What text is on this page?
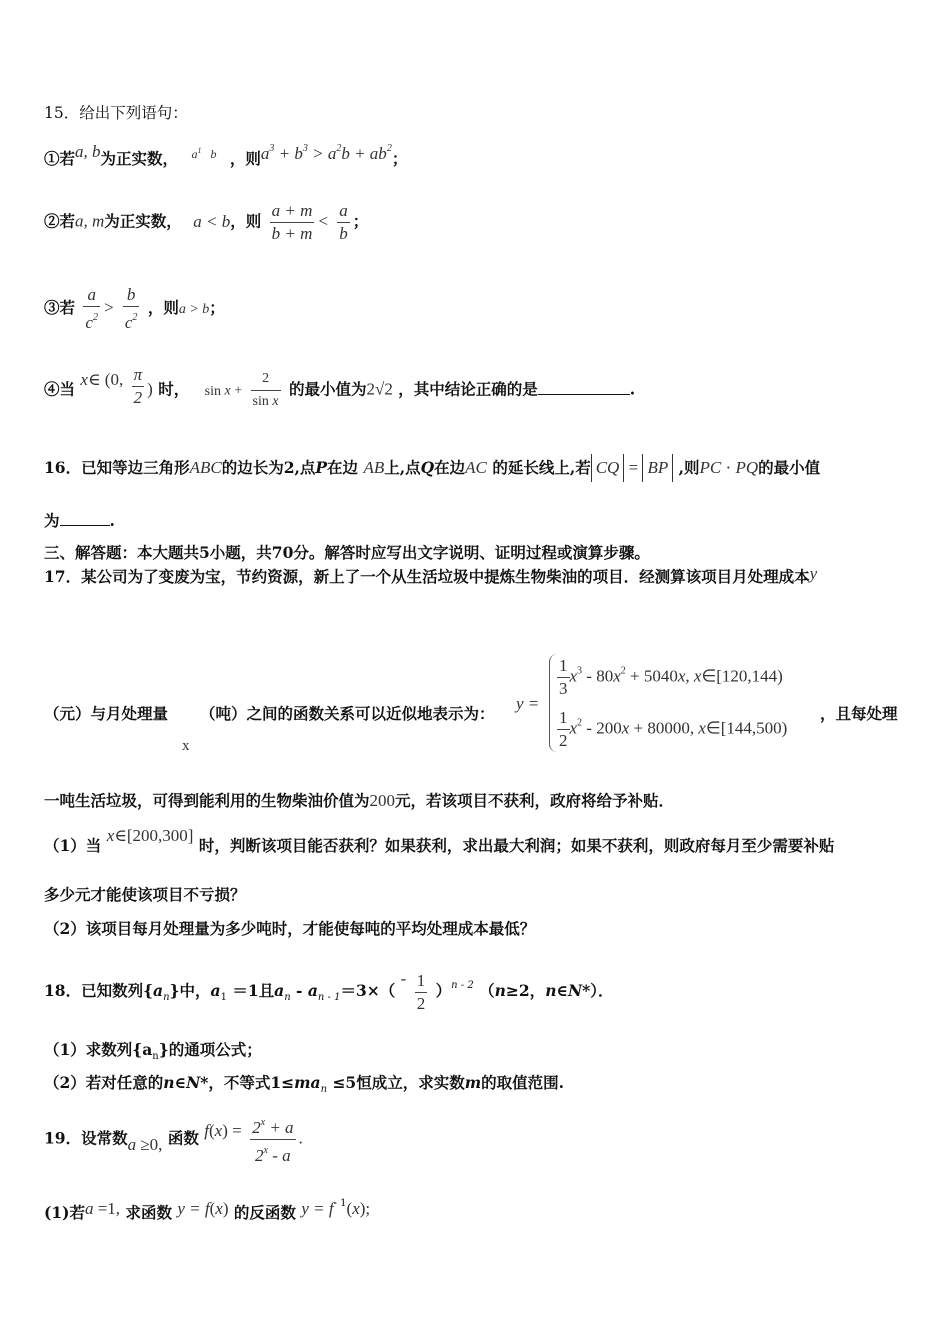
15．给出下列语句：
①若a, b为正实数， $^{a^1 b}$ ，则$a^3 + b^3 > a^2b + ab^2$；
②若a, m为正实数， a < b，则 $\frac{a + m}{b + m} < \frac{a}{b}$ ；
③若 $\frac{a}{c^2} > \frac{b}{c^2}$ ，则a > b；
④当 x∈ (0, $\frac{\pi}{2}$ ) 时， $\sin x + \frac{2}{\text{sin x}}$ 的最小值为2√2 ，其中结论正确的是	.
16．已知等边三角形ABC的边长为2,点P在边 AB上,点Q在边AC 的延长线上,若 CQ = BP ,则PC · PQ的最小值
为	.
三、解答题：本大题共5小题，共70分。解答时应写出文字说明、证明过程或演算步骤。
17．某公司为了变废为宝，节约资源，新上了一个从生活垃圾中提炼生物柴油的项目．经测算该项目月处理成本y
（元）与月处理量 （吨）之间的函数关系可以近似地表示为：
x
y =
$\frac{1}{3} x^3 - 80x^2 + 5040x$, x∈[120,144)
$\frac{1}{2} x^2 - 200x + 80000$, x∈[144,500)
，且每处理
一吨生活垃圾，可得到能利用的生物柴油价值为200元，若该项目不获利，政府将给予补贴．
（1）当 x∈[200,300] 时，判断该项目能否获利？如果获利，求出最大利润；如果不获利，则政府每月至少需要补贴
多少元才能使该项目不亏损？
（2）该项目每月处理量为多少吨时，才能使每吨的平均处理成本最低？
18．已知数列$\{a_n\}$中，$a_1 =1$且$a_n - a_{n - 1}=3\times( - \frac{1}{2} )^{n - 2}$ （n≥2，n∈N*）．
（1）求数列$\{a_n\}$的通项公式；
（2）若对任意的n∈N*，不等式$1\le ma_n \le 5$恒成立，求实数m的取值范围.
19．设常数a ≥0, 函数 $f(x) = \frac{2^x + a}{2^x - a}$ .
(1)若a =1, 求函数 y = f(x) 的反函数 $y = f^{- 1}(x)$;
